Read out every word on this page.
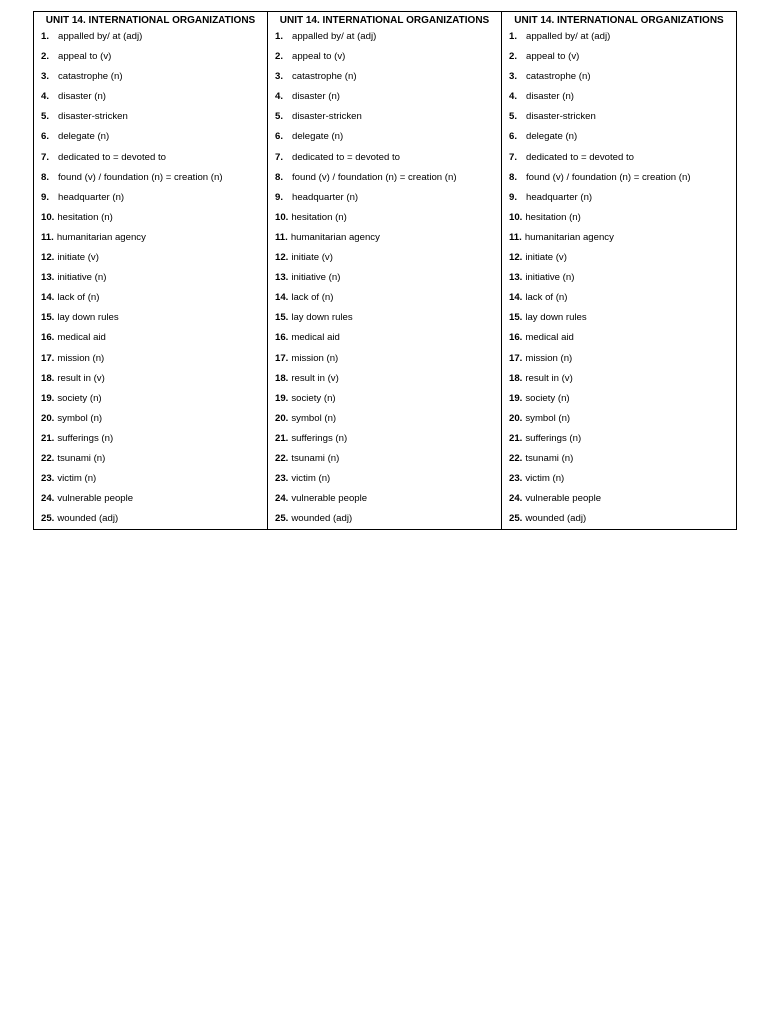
UNIT 14. INTERNATIONAL ORGANIZATIONS
1. appalled by/ at (adj)
2. appeal to (v)
3. catastrophe (n)
4. disaster (n)
5. disaster-stricken
6. delegate (n)
7. dedicated to = devoted to
8. found (v) / foundation (n) = creation (n)
9. headquarter (n)
10. hesitation (n)
11. humanitarian agency
12. initiate (v)
13. initiative (n)
14. lack of (n)
15. lay down rules
16. medical aid
17. mission (n)
18. result in (v)
19. society (n)
20. symbol (n)
21. sufferings (n)
22. tsunami (n)
23. victim (n)
24. vulnerable people
25. wounded (adj)
UNIT 14. INTERNATIONAL ORGANIZATIONS
1. appalled by/ at (adj)
2. appeal to (v)
3. catastrophe (n)
4. disaster (n)
5. disaster-stricken
6. delegate (n)
7. dedicated to = devoted to
8. found (v) / foundation (n) = creation (n)
9. headquarter (n)
10. hesitation (n)
11. humanitarian agency
12. initiate (v)
13. initiative (n)
14. lack of (n)
15. lay down rules
16. medical aid
17. mission (n)
18. result in (v)
19. society (n)
20. symbol (n)
21. sufferings (n)
22. tsunami (n)
23. victim (n)
24. vulnerable people
25. wounded (adj)
UNIT 14. INTERNATIONAL ORGANIZATIONS
1. appalled by/ at (adj)
2. appeal to (v)
3. catastrophe (n)
4. disaster (n)
5. disaster-stricken
6. delegate (n)
7. dedicated to = devoted to
8. found (v) / foundation (n) = creation (n)
9. headquarter (n)
10. hesitation (n)
11. humanitarian agency
12. initiate (v)
13. initiative (n)
14. lack of (n)
15. lay down rules
16. medical aid
17. mission (n)
18. result in (v)
19. society (n)
20. symbol (n)
21. sufferings (n)
22. tsunami (n)
23. victim (n)
24. vulnerable people
25. wounded (adj)
